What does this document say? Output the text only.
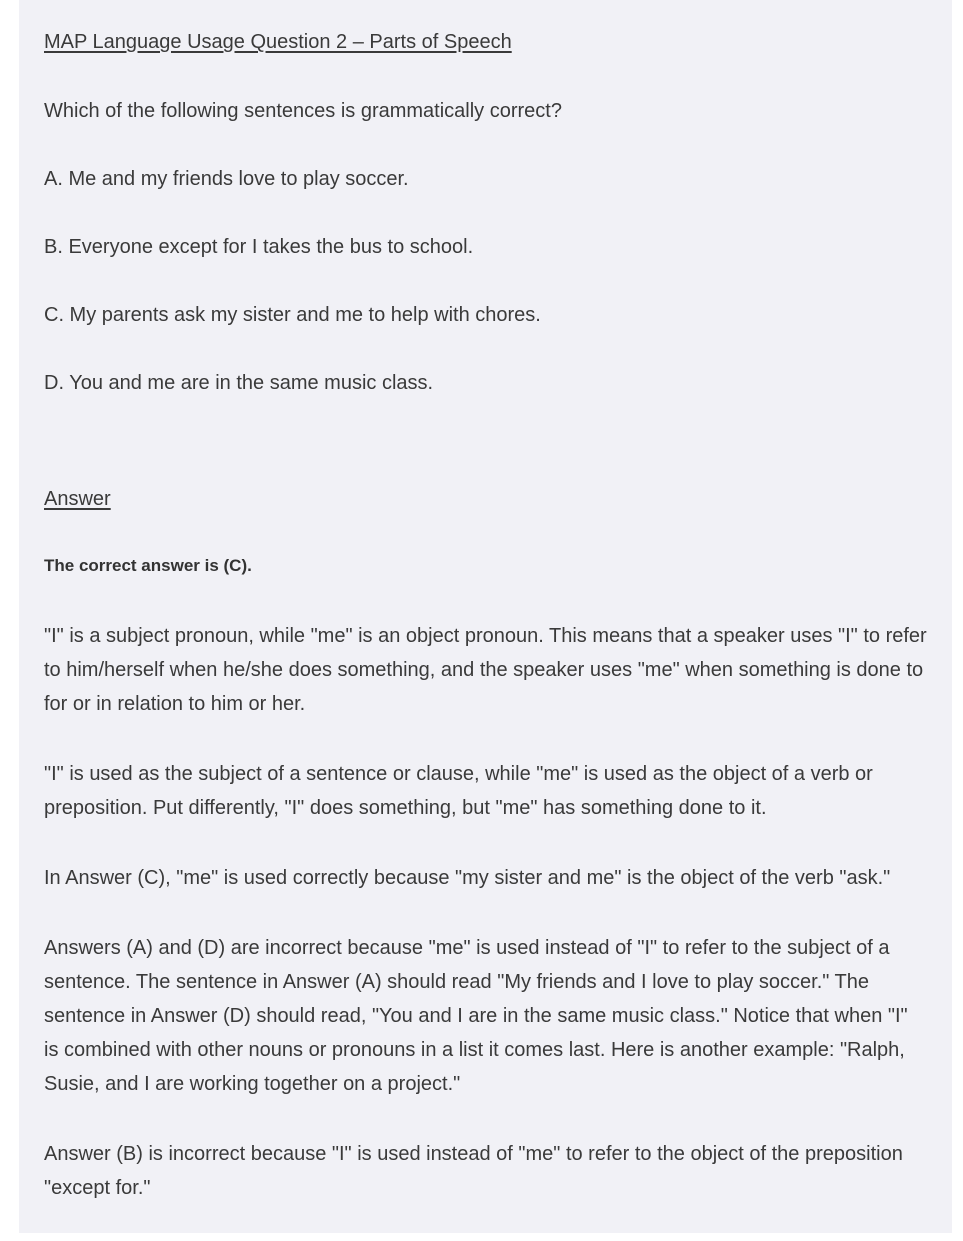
MAP Language Usage Question 2 – Parts of Speech

Which of the following sentences is grammatically correct?

A. Me and my friends love to play soccer.

B. Everyone except for I takes the bus to school.

C. My parents ask my sister and me to help with chores.

D. You and me are in the same music class.

Answer

The correct answer is (C).

"I" is a subject pronoun, while "me" is an object pronoun. This means that a speaker uses "I" to refer to him/herself when he/she does something, and the speaker uses "me" when something is done to for or in relation to him or her.

"I" is used as the subject of a sentence or clause, while "me" is used as the object of a verb or preposition. Put differently, "I" does something, but "me" has something done to it.

In Answer (C), "me" is used correctly because "my sister and me" is the object of the verb "ask."

Answers (A) and (D) are incorrect because "me" is used instead of "I" to refer to the subject of a sentence. The sentence in Answer (A) should read "My friends and I love to play soccer." The sentence in Answer (D) should read, "You and I are in the same music class." Notice that when "I" is combined with other nouns or pronouns in a list it comes last. Here is another example: "Ralph, Susie, and I are working together on a project."

Answer (B) is incorrect because "I" is used instead of "me" to refer to the object of the preposition "except for."
